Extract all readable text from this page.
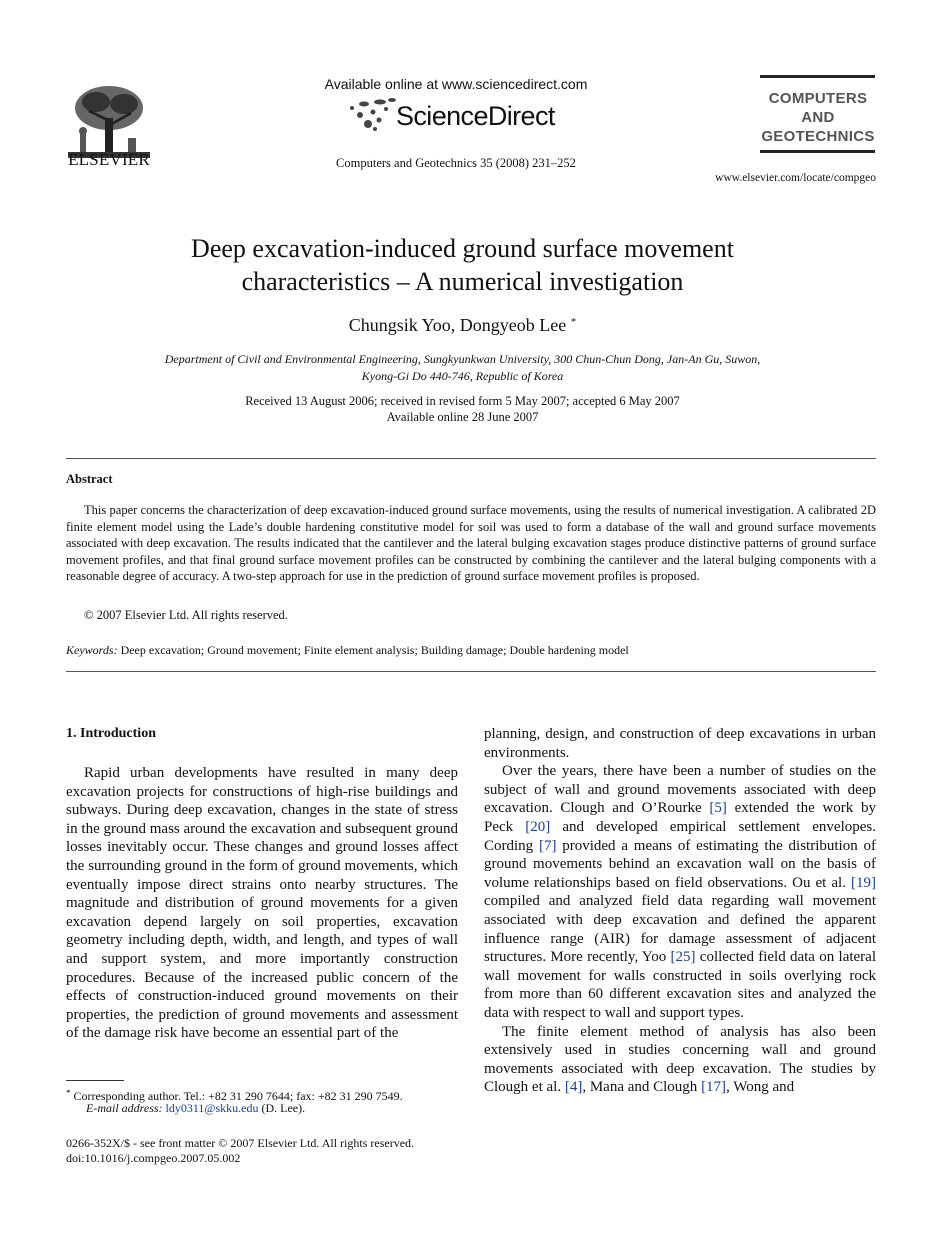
ELSEVIER
Available online at www.sciencedirect.com
ScienceDirect
Computers and Geotechnics 35 (2008) 231–252
COMPUTERS
AND
GEOTECHNICS
www.elsevier.com/locate/compgeo
Deep excavation-induced ground surface movement
characteristics – A numerical investigation
Chungsik Yoo, Dongyeob Lee *
Department of Civil and Environmental Engineering, Sungkyunkwan University, 300 Chun-Chun Dong, Jan-An Gu, Suwon,
Kyong-Gi Do 440-746, Republic of Korea
Received 13 August 2006; received in revised form 5 May 2007; accepted 6 May 2007
Available online 28 June 2007
Abstract
This paper concerns the characterization of deep excavation-induced ground surface movements, using the results of numerical investigation. A calibrated 2D finite element model using the Lade’s double hardening constitutive model for soil was used to form a database of the wall and ground surface movements associated with deep excavation. The results indicated that the cantilever and the lateral bulging excavation stages produce distinctive patterns of ground surface movement profiles, and that final ground surface movement profiles can be constructed by combining the cantilever and the lateral bulging components with a reasonable degree of accuracy. A two-step approach for use in the prediction of ground surface movement profiles is proposed.
© 2007 Elsevier Ltd. All rights reserved.
Keywords: Deep excavation; Ground movement; Finite element analysis; Building damage; Double hardening model
1. Introduction

Rapid urban developments have resulted in many deep excavation projects for constructions of high-rise buildings and subways. During deep excavation, changes in the state of stress in the ground mass around the excavation and subsequent ground losses inevitably occur. These changes and ground losses affect the surrounding ground in the form of ground movements, which eventually impose direct strains onto nearby structures. The magnitude and distribution of ground movements for a given excavation depend largely on soil properties, excavation geometry including depth, width, and length, and types of wall and support system, and more importantly construction procedures. Because of the increased public concern of the effects of construction-induced ground movements on their properties, the prediction of ground movements and assessment of the damage risk have become an essential part of the

planning, design, and construction of deep excavations in urban environments.

Over the years, there have been a number of studies on the subject of wall and ground movements associated with deep excavation. Clough and O’Rourke [5] extended the work by Peck [20] and developed empirical settlement envelopes. Cording [7] provided a means of estimating the distribution of ground movements behind an excavation wall on the basis of volume relationships based on field observations. Ou et al. [19] compiled and analyzed field data regarding wall movement associated with deep excavation and defined the apparent influence range (AIR) for damage assessment of adjacent structures. More recently, Yoo [25] collected field data on lateral wall movement for walls constructed in soils overlying rock from more than 60 different excavation sites and analyzed the data with respect to wall and support types.

The finite element method of analysis has also been extensively used in studies concerning wall and ground movements associated with deep excavation. The studies by Clough et al. [4], Mana and Clough [17], Wong and

* Corresponding author. Tel.: +82 31 290 7644; fax: +82 31 290 7549.
E-mail address: ldy0311@skku.edu (D. Lee).
0266-352X/$ - see front matter © 2007 Elsevier Ltd. All rights reserved.
doi:10.1016/j.compgeo.2007.05.002
